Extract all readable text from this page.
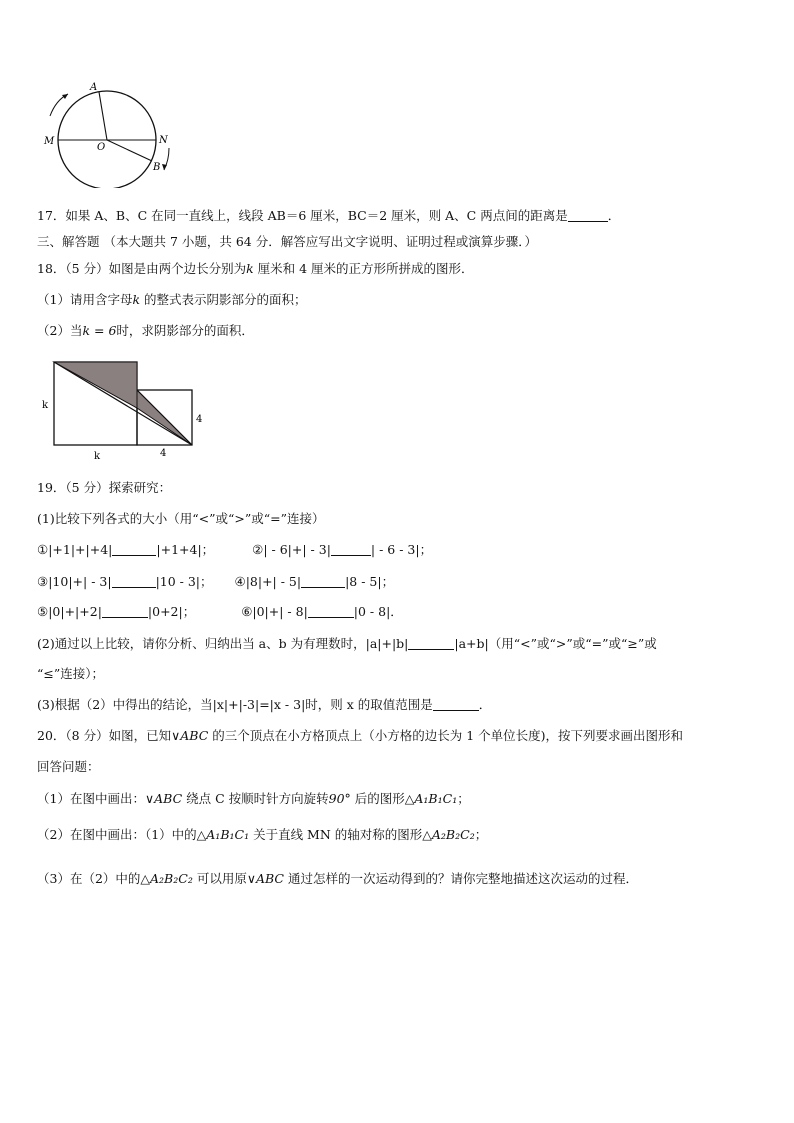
A
M
O
N
B
17．如果 A、B、C 在同一直线上，线段 AB＝6 厘米，BC＝2 厘米，则 A、C 两点间的距离是	．
三、解答题 （本大题共 7 小题，共 64 分．解答应写出文字说明、证明过程或演算步骤．）
18．（5 分）如图是由两个边长分别为k 厘米和 4 厘米的正方形所拼成的图形．
（1）请用含字母k 的整式表示阴影部分的面积；
（2）当k = 6时，求阴影部分的面积．
k
k
4
4
19．（5 分）探索研究：
(1)比较下列各式的大小（用“<”或“>”或“=”连接）
①|+1|+|+4|	|+1+4|；	②| - 6|+| - 3|	| - 6 - 3|；
③|10|+| - 3|	|10 - 3|； ④|8|+| - 5|	|8 - 5|；
⑤|0|+|+2|	|0+2|；	⑥|0|+| - 8|	|0 - 8|．
(2)通过以上比较，请你分析、归纳出当 a、b 为有理数时，|a|+|b|	|a+b|（用“<”或“>”或“=”或“≥”或
“≤”连接）；
(3)根据（2）中得出的结论，当|x|+|-3|=|x - 3|时，则 x 的取值范围是	．
20．（8 分）如图，已知∨ABC 的三个顶点在小方格顶点上（小方格的边长为 1 个单位长度)，按下列要求画出图形和
回答问题：
（1）在图中画出：∨ABC 绕点 C 按顺时针方向旋转90° 后的图形△A₁B₁C₁；
（2）在图中画出：（1）中的△A₁B₁C₁ 关于直线 MN 的轴对称的图形△A₂B₂C₂；
（3）在（2）中的△A₂B₂C₂ 可以用原∨ABC 通过怎样的一次运动得到的？请你完整地描述这次运动的过程．
